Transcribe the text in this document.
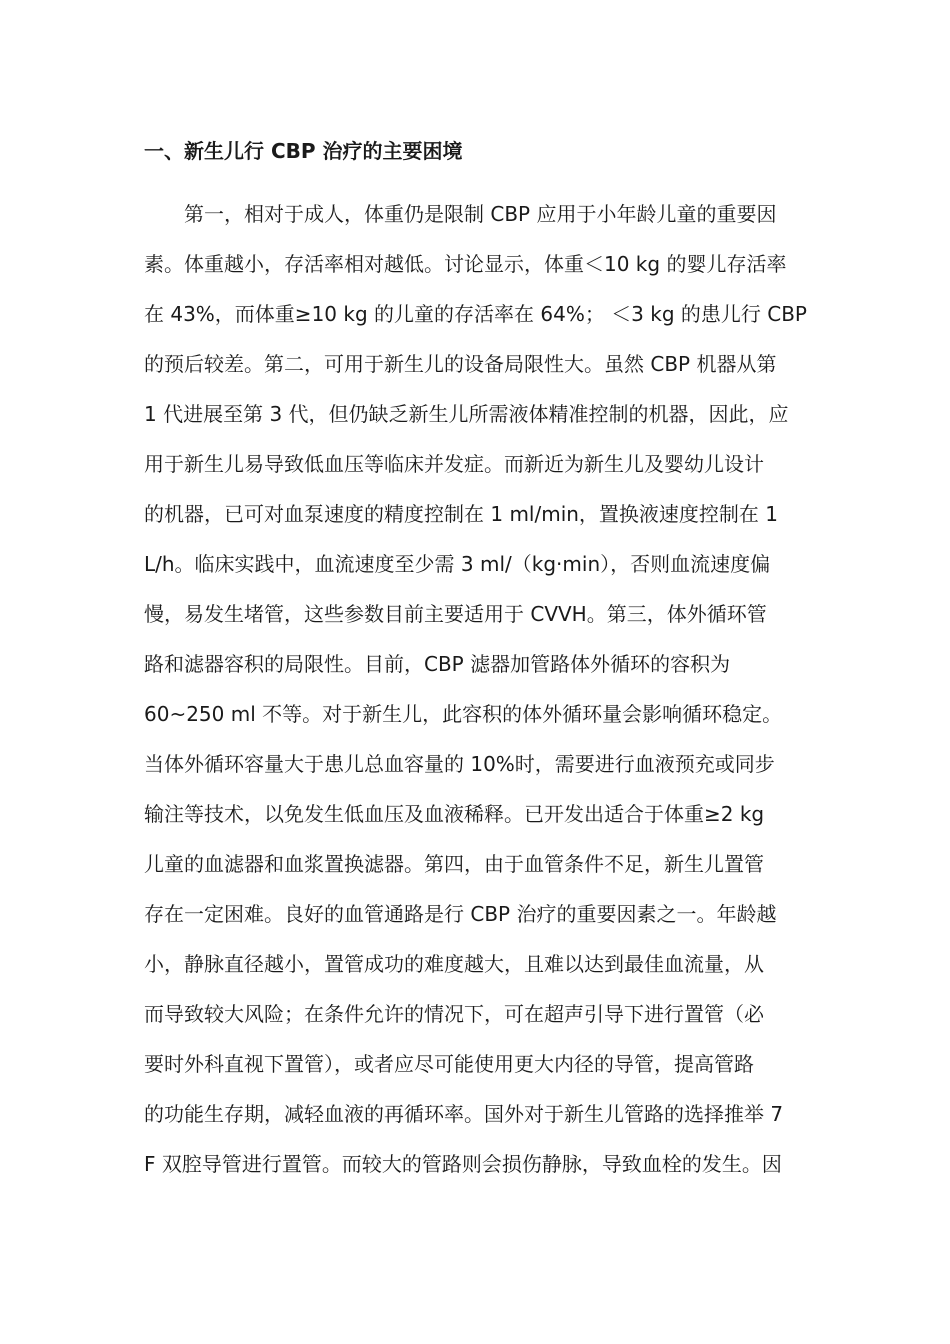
一、新生儿行 CBP 治疗的主要困境
第一，相对于成人，体重仍是限制 CBP 应用于小年龄儿童的重要因
素。体重越小，存活率相对越低。讨论显示，体重＜10 kg 的婴儿存活率
在 43%，而体重≥10 kg 的儿童的存活率在 64%； ＜3 kg 的患儿行 CBP
的预后较差。第二，可用于新生儿的设备局限性大。虽然 CBP 机器从第
1 代进展至第 3 代，但仍缺乏新生儿所需液体精准控制的机器，因此，应
用于新生儿易导致低血压等临床并发症。而新近为新生儿及婴幼儿设计
的机器，已可对血泵速度的精度控制在 1 ml/min，置换液速度控制在 1
L/h。临床实践中，血流速度至少需 3 ml/（kg·min），否则血流速度偏
慢，易发生堵管，这些参数目前主要适用于 CVVH。第三，体外循环管
路和滤器容积的局限性。目前，CBP 滤器加管路体外循环的容积为
60~250 ml 不等。对于新生儿，此容积的体外循环量会影响循环稳定。
当体外循环容量大于患儿总血容量的 10%时，需要进行血液预充或同步
输注等技术，以免发生低血压及血液稀释。已开发出适合于体重≥2 kg
儿童的血滤器和血浆置换滤器。第四，由于血管条件不足，新生儿置管
存在一定困难。良好的血管通路是行 CBP 治疗的重要因素之一。年龄越
小，静脉直径越小，置管成功的难度越大，且难以达到最佳血流量，从
而导致较大风险；在条件允许的情况下，可在超声引导下进行置管（必
要时外科直视下置管），或者应尽可能使用更大内径的导管，提高管路
的功能生存期，减轻血液的再循环率。国外对于新生儿管路的选择推举 7
F 双腔导管进行置管。而较大的管路则会损伤静脉，导致血栓的发生。因
